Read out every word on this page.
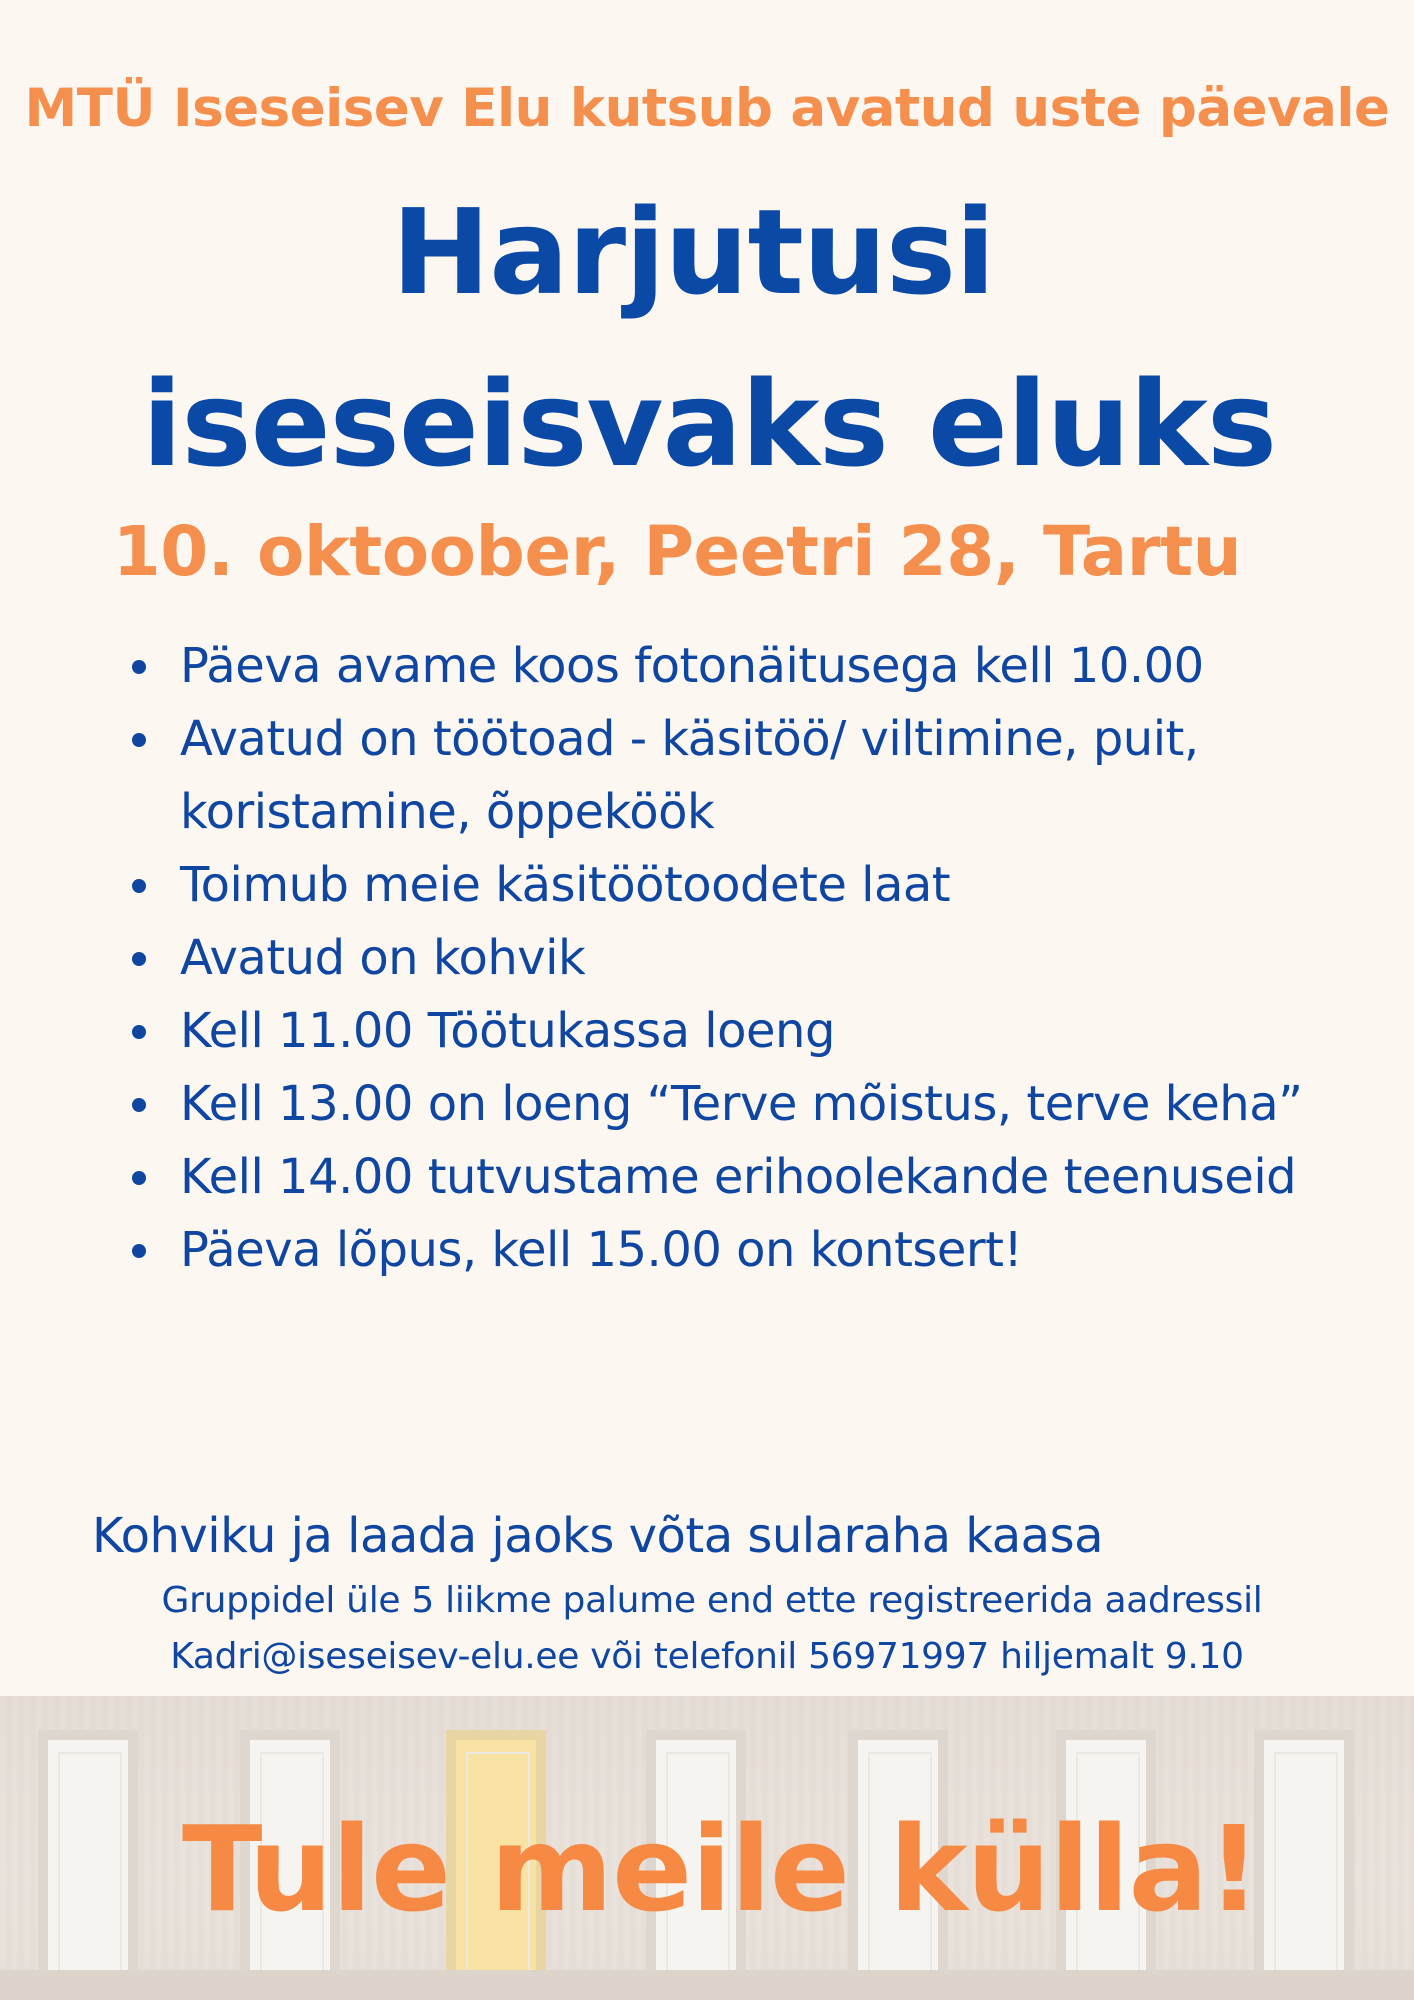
MTÜ Iseseisev Elu kutsub avatud uste päevale
Harjutusi
iseseisvaks eluks
10. oktoober, Peetri 28, Tartu
Päeva avame koos fotonäitusega kell 10.00
Avatud on töötoad - käsitöö/ viltimine, puit, koristamine, õppeköök
Toimub meie käsitöötoodete laat
Avatud on kohvik
Kell 11.00 Töötukassa loeng
Kell 13.00 on loeng “Terve mõistus, terve keha”
Kell 14.00 tutvustame erihoolekande teenuseid
Päeva lõpus, kell 15.00 on kontsert!
Kohviku ja laada jaoks võta sularaha kaasa
Gruppidel üle 5 liikme palume end ette registreerida aadressil
Kadri@iseseisev-elu.ee või telefonil 56971997 hiljemalt 9.10
Tule meile külla!
